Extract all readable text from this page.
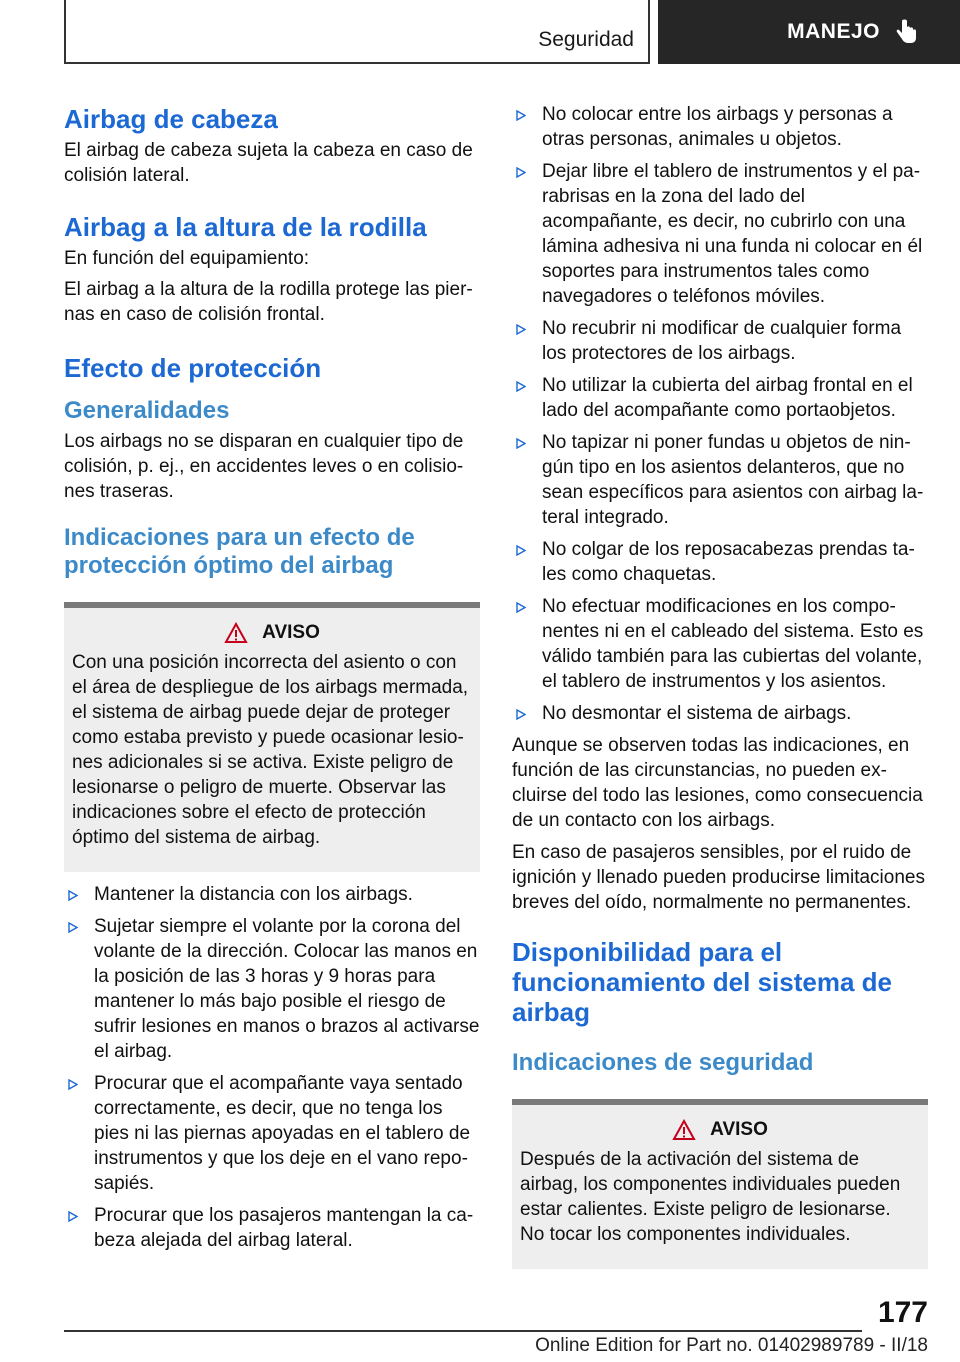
Seguridad	MANEJO
Airbag de cabeza

El airbag de cabeza sujeta la cabeza en caso de colisión lateral.

Airbag a la altura de la rodilla

En función del equipamiento:

El airbag a la altura de la rodilla protege las piernas en caso de colisión frontal.

Efecto de protección
Generalidades

Los airbags no se disparan en cualquier tipo de colisión, p. ej., en accidentes leves o en colisiones traseras.

Indicaciones para un efecto de protección óptimo del airbag
AVISO

Con una posición incorrecta del asiento o con el área de despliegue de los airbags mermada, el sistema de airbag puede dejar de proteger como estaba previsto y puede ocasionar lesiones adicionales si se activa. Existe peligro de lesionarse o peligro de muerte. Observar las indicaciones sobre el efecto de protección óptimo del sistema de airbag.

Mantener la distancia con los airbags.
Sujetar siempre el volante por la corona del volante de la dirección. Colocar las manos en la posición de las 3 horas y 9 horas para mantener lo más bajo posible el riesgo de sufrir lesiones en manos o brazos al activarse el airbag.
Procurar que el acompañante vaya sentado correctamente, es decir, que no tenga los pies ni las piernas apoyadas en el tablero de instrumentos y que los deje en el vano reposapiés.
Procurar que los pasajeros mantengan la cabeza alejada del airbag lateral.
No colocar entre los airbags y personas a otras personas, animales u objetos.
Dejar libre el tablero de instrumentos y el parabrisas en la zona del lado del acompañante, es decir, no cubrirlo con una lámina adhesiva ni una funda ni colocar en él soportes para instrumentos tales como navegadores o teléfonos móviles.
No recubrir ni modificar de cualquier forma los protectores de los airbags.
No utilizar la cubierta del airbag frontal en el lado del acompañante como portaobjetos.
No tapizar ni poner fundas u objetos de ningún tipo en los asientos delanteros, que no sean específicos para asientos con airbag lateral integrado.
No colgar de los reposacabezas prendas tales como chaquetas.
No efectuar modificaciones en los componentes ni en el cableado del sistema. Esto es válido también para las cubiertas del volante, el tablero de instrumentos y los asientos.
No desmontar el sistema de airbags.

Aunque se observen todas las indicaciones, en función de las circunstancias, no pueden excluirse del todo las lesiones, como consecuencia de un contacto con los airbags.

En caso de pasajeros sensibles, por el ruido de ignición y llenado pueden producirse limitaciones breves del oído, normalmente no permanentes.

Disponibilidad para el funcionamiento del sistema de airbag
Indicaciones de seguridad
AVISO

Después de la activación del sistema de airbag, los componentes individuales pueden estar calientes. Existe peligro de lesionarse. No tocar los componentes individuales.

177
Online Edition for Part no. 01402989789 - II/18
